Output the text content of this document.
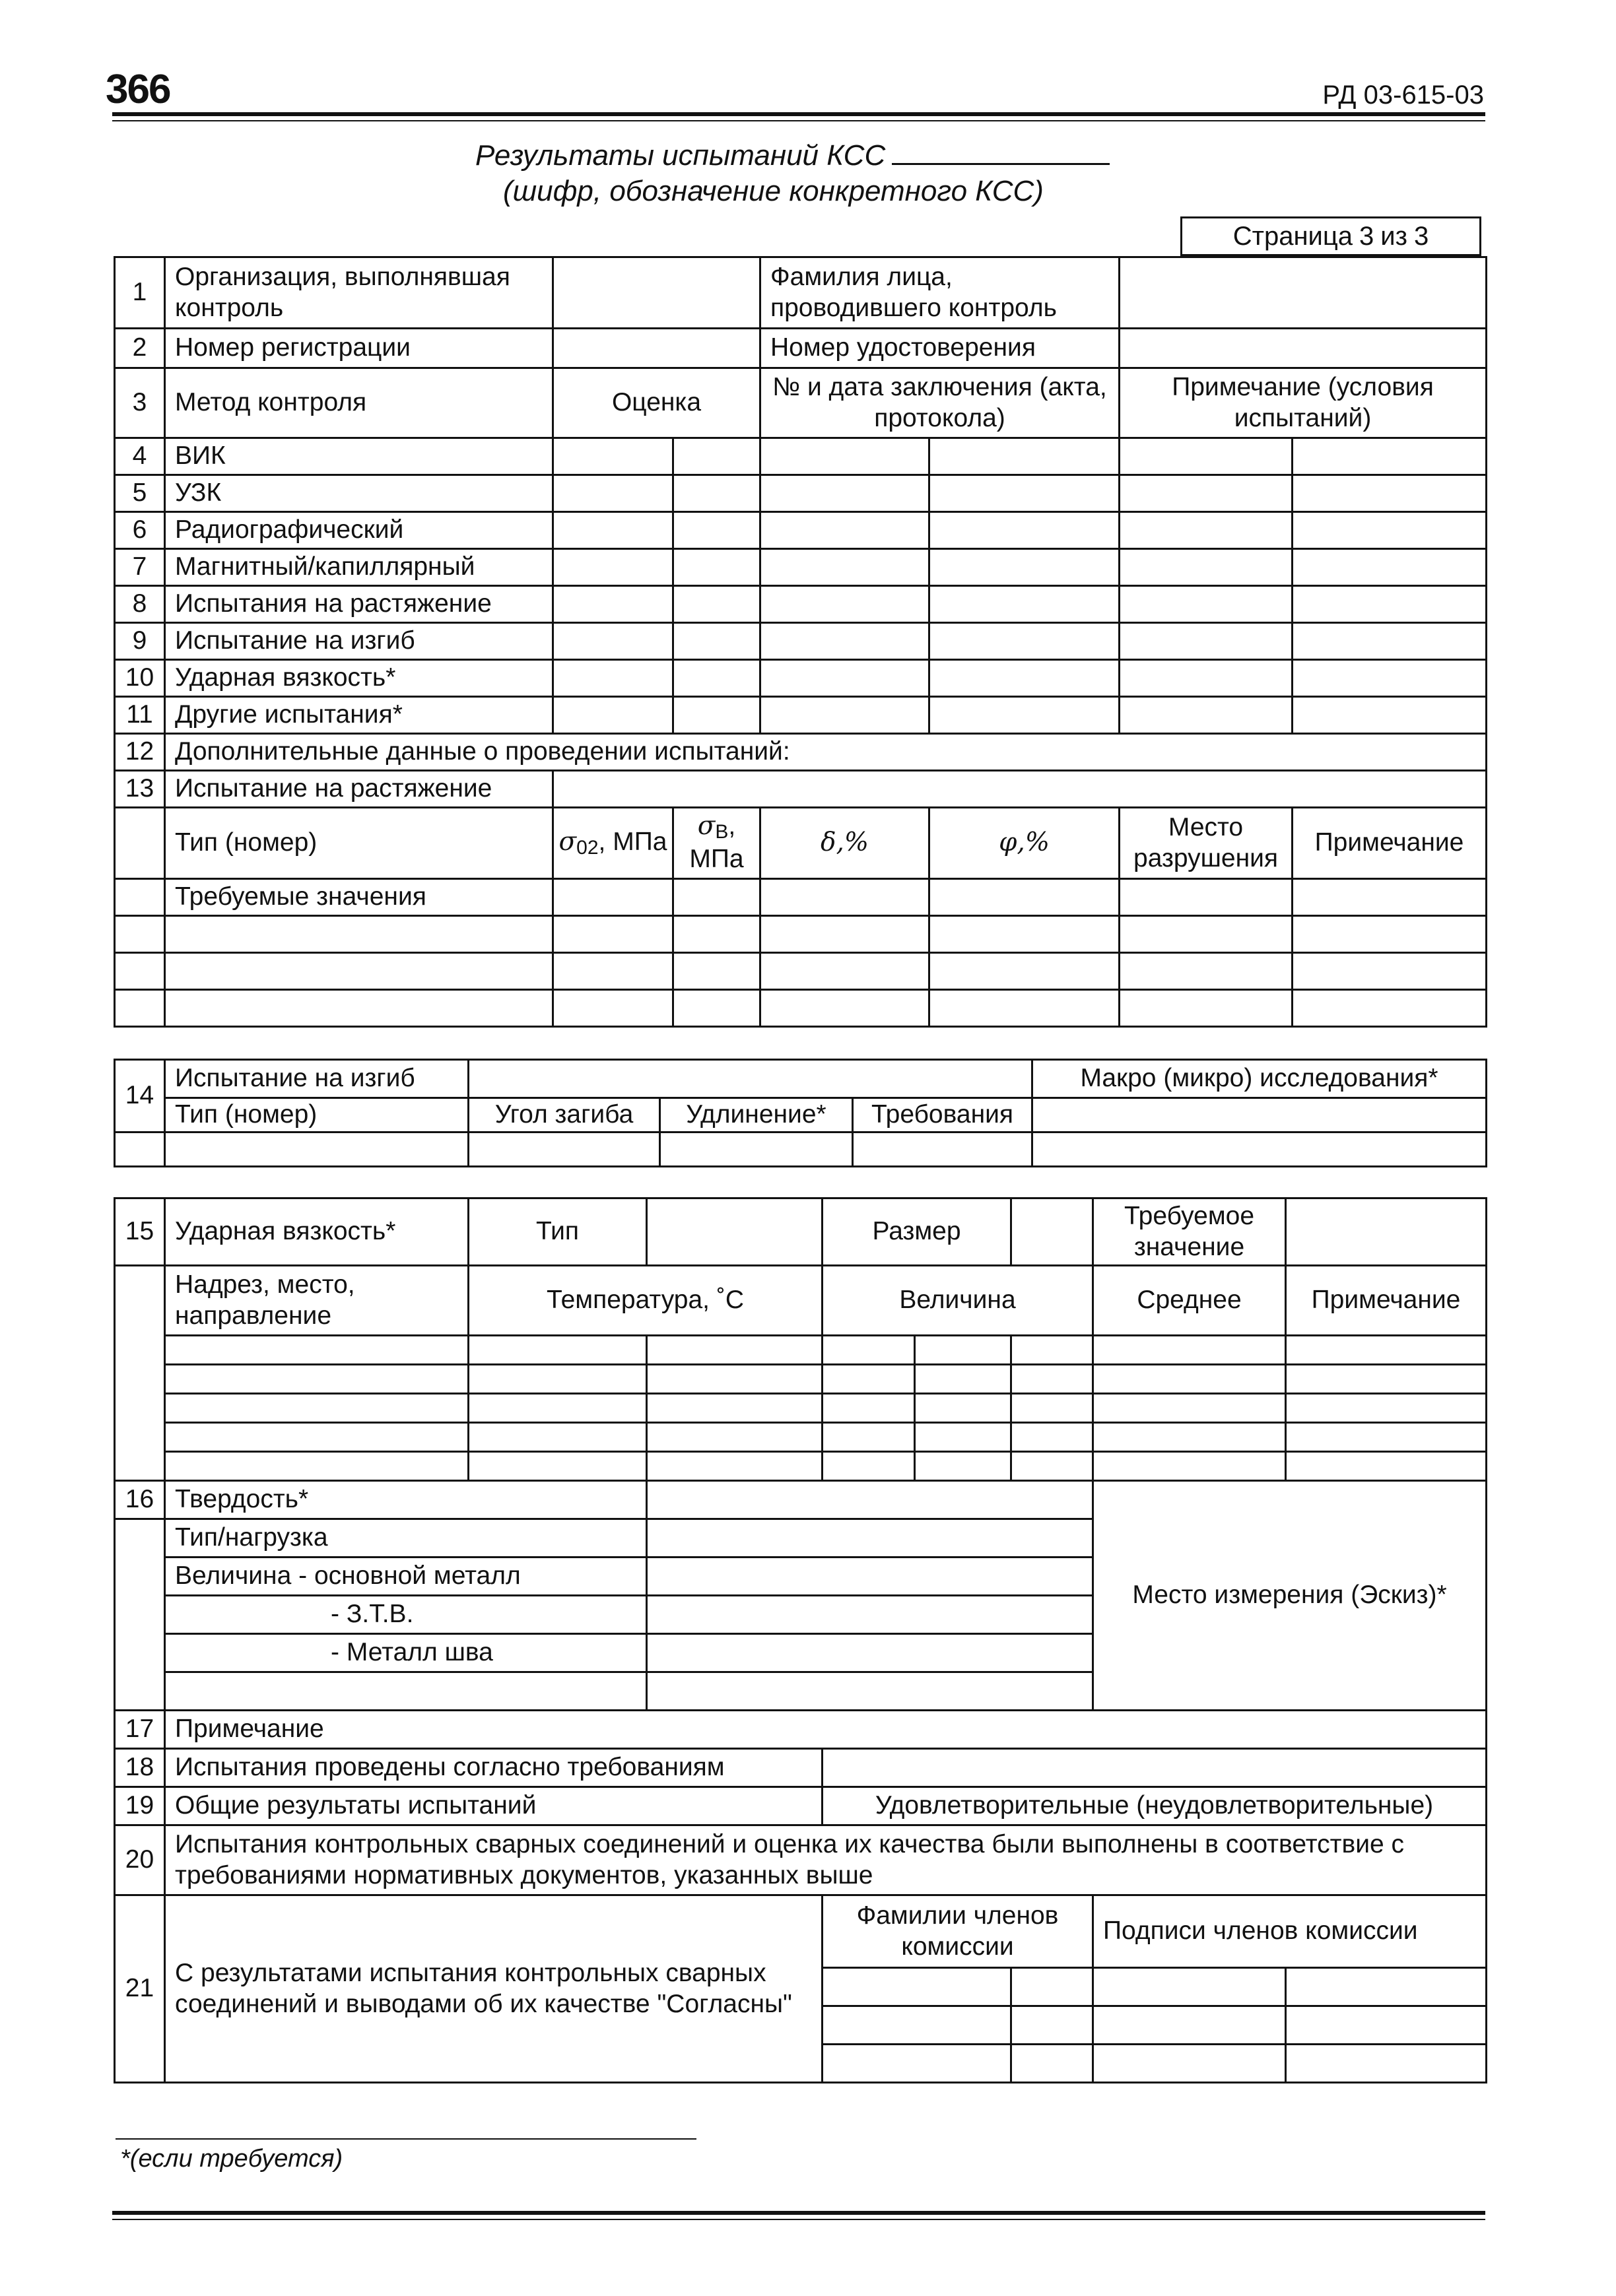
366	РД 03-615-03
Результаты испытаний КСС
(шифр, обозначение конкретного КСС)
Страница 3 из 3
1	Организация, выполнявшая контроль			Фамилия лица, проводившего контроль			
2	Номер регистрации			Номер удостоверения			
3	Метод контроля	Оценка		№ и дата заключения (акта, протокола)		Примечание (условия испытаний)	
4	ВИК						
5	УЗК						
6	Радиографический						
7	Магнитный/капиллярный						
8	Испытания на растяжение						
9	Испытание на изгиб						
10	Ударная вязкость*						
11	Другие испытания*						
12	Дополнительные данные о проведении испытаний:						
13	Испытание на растяжение						
	Тип (номер)	$\sigma_{02}$, МПа	$\sigma_В$, МПа	δ,%	φ,%	Место разрушения	Примечание
	Требуемые значения						

14	Испытание на изгиб				Макро (микро) исследования*
	Тип (номер)	Угол загиба	Удлинение*	Требования	

15	Ударная вязкость*	Тип		Размер			Требуемое значение	
	Надрез, место, направление	Температура, ˚С		Величина			Среднее	Примечание

16	Твердость*						Место измерения (Эскиз)*	
	Тип/нагрузка							
	Величина - основной металл							
	- З.Т.В.							
	- Металл шва							

17	Примечание							
18	Испытания проведены согласно требованиям							
19	Общие результаты испытаний			Удовлетворительные (неудовлетворительные)				
20	Испытания контрольных сварных соединений и оценка их качества были выполнены в соответствие с требованиями нормативных документов, указанных выше							
21	С результатами испытания контрольных сварных соединений и выводами об их качестве "Согласны"			Фамилии членов комиссии			Подписи членов комиссии	

*(если требуется)
